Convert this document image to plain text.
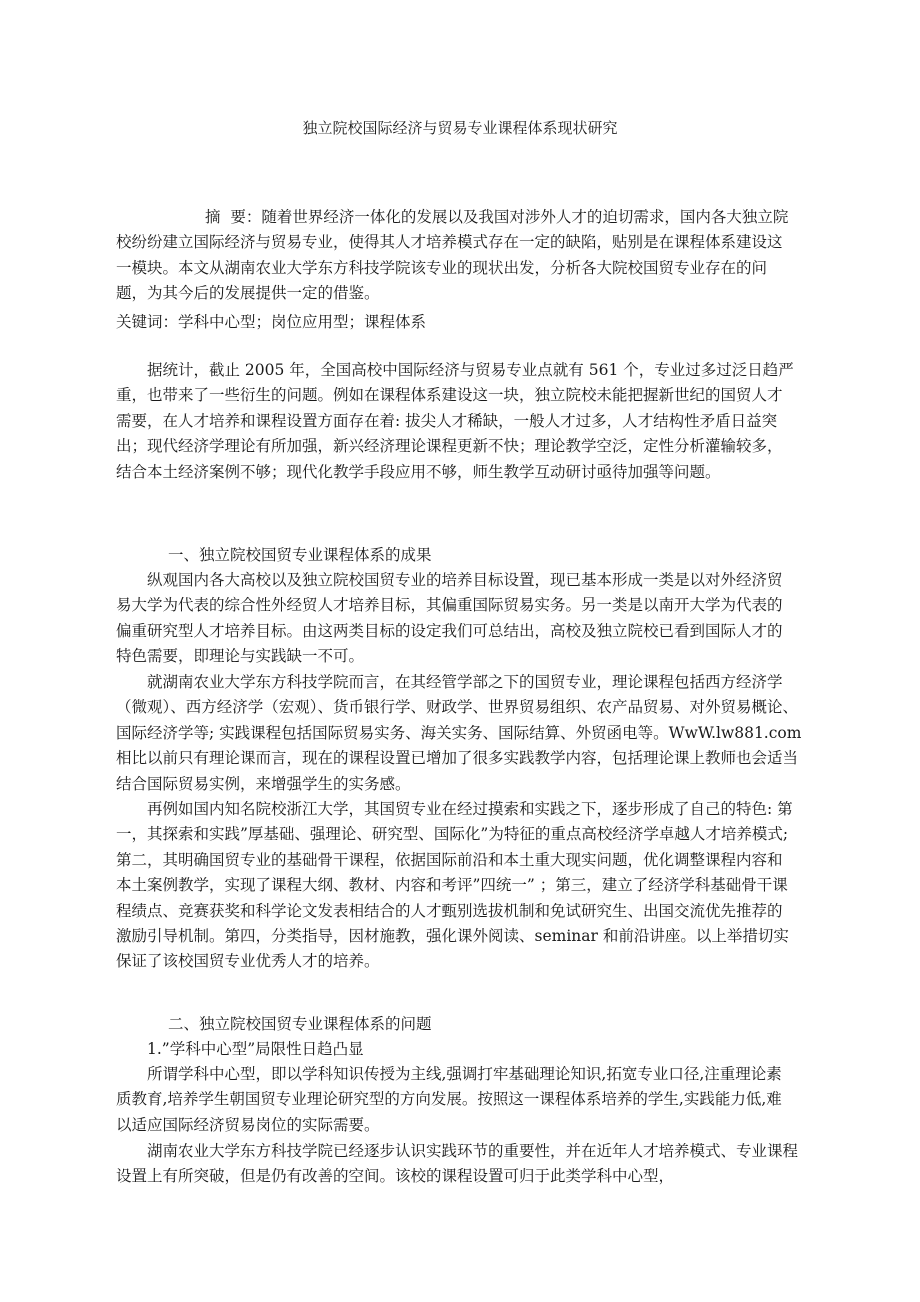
独立院校国际经济与贸易专业课程体系现状研究

摘  要：随着世界经济一体化的发展以及我国对涉外人才的迫切需求，国内各大独立院校纷纷建立国际经济与贸易专业，使得其人才培养模式存在一定的缺陷，贴别是在课程体系建设这一模块。本文从湖南农业大学东方科技学院该专业的现状出发，分析各大院校国贸专业存在的问题，为其今后的发展提供一定的借鉴。

关键词：学科中心型；岗位应用型；课程体系

据统计，截止 2005 年，全国高校中国际经济与贸易专业点就有 561 个，专业过多过泛日趋严重，也带来了一些衍生的问题。例如在课程体系建设这一块，独立院校未能把握新世纪的国贸人才需要，在人才培养和课程设置方面存在着: 拔尖人才稀缺，一般人才过多，人才结构性矛盾日益突出；现代经济学理论有所加强，新兴经济理论课程更新不快；理论教学空泛，定性分析灌输较多，结合本土经济案例不够；现代化教学手段应用不够，师生教学互动研讨亟待加强等问题。

一、独立院校国贸专业课程体系的成果

纵观国内各大高校以及独立院校国贸专业的培养目标设置，现已基本形成一类是以对外经济贸易大学为代表的综合性外经贸人才培养目标，其偏重国际贸易实务。另一类是以南开大学为代表的偏重研究型人才培养目标。由这两类目标的设定我们可总结出，高校及独立院校已看到国际人才的特色需要，即理论与实践缺一不可。

就湖南农业大学东方科技学院而言，在其经管学部之下的国贸专业，理论课程包括西方经济学（微观）、西方经济学（宏观）、货币银行学、财政学、世界贸易组织、农产品贸易、对外贸易概论、国际经济学等; 实践课程包括国际贸易实务、海关实务、国际结算、外贸函电等。WwW.lw881.com 相比以前只有理论课而言，现在的课程设置已增加了很多实践教学内容，包括理论课上教师也会适当结合国际贸易实例，来增强学生的实务感。

再例如国内知名院校浙江大学，其国贸专业在经过摸索和实践之下，逐步形成了自己的特色: 第一，其探索和实践”厚基础、强理论、研究型、国际化”为特征的重点高校经济学卓越人才培养模式; 第二，其明确国贸专业的基础骨干课程，依据国际前沿和本土重大现实问题，优化调整课程内容和本土案例教学，实现了课程大纲、教材、内容和考评”四统一” ；第三，建立了经济学科基础骨干课程绩点、竞赛获奖和科学论文发表相结合的人才甄别选拔机制和免试研究生、出国交流优先推荐的激励引导机制。第四，分类指导，因材施教，强化课外阅读、seminar 和前沿讲座。以上举措切实保证了该校国贸专业优秀人才的培养。

二、独立院校国贸专业课程体系的问题

1.”学科中心型”局限性日趋凸显

所谓学科中心型，即以学科知识传授为主线,强调打牢基础理论知识,拓宽专业口径,注重理论素质教育,培养学生朝国贸专业理论研究型的方向发展。按照这一课程体系培养的学生,实践能力低,难以适应国际经济贸易岗位的实际需要。

湖南农业大学东方科技学院已经逐步认识实践环节的重要性，并在近年人才培养模式、专业课程设置上有所突破，但是仍有改善的空间。该校的课程设置可归于此类学科中心型，
